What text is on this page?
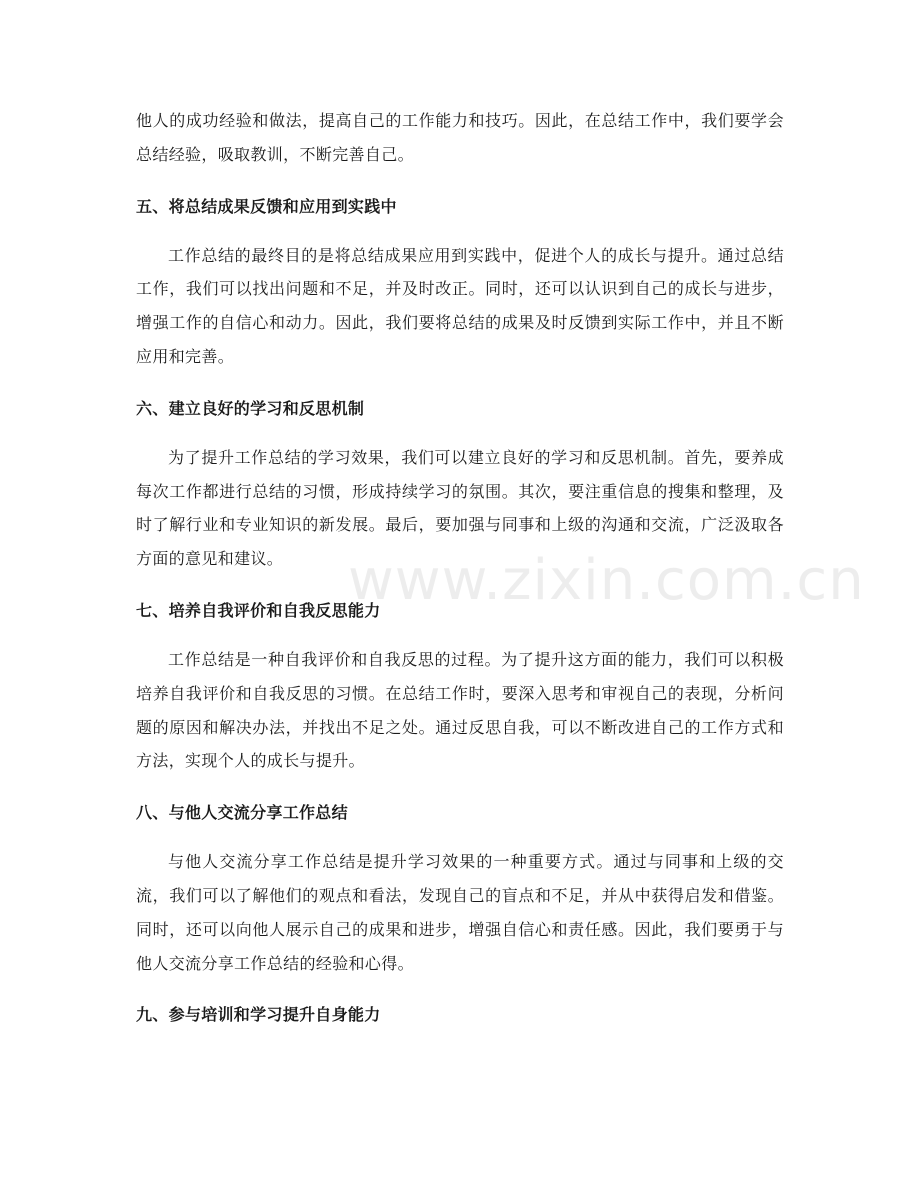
他人的成功经验和做法，提高自己的工作能力和技巧。因此，在总结工作中，我们要学会总结经验，吸取教训，不断完善自己。

五、将总结成果反馈和应用到实践中

工作总结的最终目的是将总结成果应用到实践中，促进个人的成长与提升。通过总结工作，我们可以找出问题和不足，并及时改正。同时，还可以认识到自己的成长与进步，增强工作的自信心和动力。因此，我们要将总结的成果及时反馈到实际工作中，并且不断应用和完善。

六、建立良好的学习和反思机制

为了提升工作总结的学习效果，我们可以建立良好的学习和反思机制。首先，要养成每次工作都进行总结的习惯，形成持续学习的氛围。其次，要注重信息的搜集和整理，及时了解行业和专业知识的新发展。最后，要加强与同事和上级的沟通和交流，广泛汲取各方面的意见和建议。

七、培养自我评价和自我反思能力

工作总结是一种自我评价和自我反思的过程。为了提升这方面的能力，我们可以积极培养自我评价和自我反思的习惯。在总结工作时，要深入思考和审视自己的表现，分析问题的原因和解决办法，并找出不足之处。通过反思自我，可以不断改进自己的工作方式和方法，实现个人的成长与提升。

八、与他人交流分享工作总结

与他人交流分享工作总结是提升学习效果的一种重要方式。通过与同事和上级的交流，我们可以了解他们的观点和看法，发现自己的盲点和不足，并从中获得启发和借鉴。同时，还可以向他人展示自己的成果和进步，增强自信心和责任感。因此，我们要勇于与他人交流分享工作总结的经验和心得。

九、参与培训和学习提升自身能力
www.zixin.com.cn
